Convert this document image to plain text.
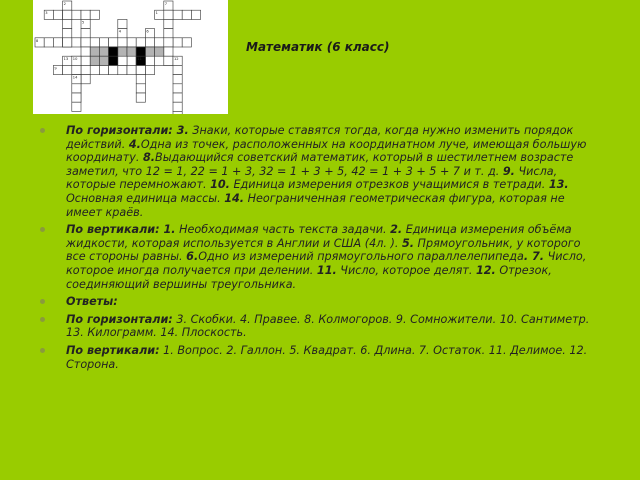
3	1
2
4
5
6
7
8
9
10	11	12
13
14
Математик (6 класс)
По горизонтали: 3. Знаки, которые ставятся тогда, когда нужно изменить порядок действий. 4.Одна из точек, расположенных на координатном луче, имеющая большую координату. 8.Выдающийся советский математик, который в шестилетнем возрасте заметил, что 12 = 1, 22 = 1 + 3, 32 = 1 + 3 + 5, 42 = 1 + 3 + 5 + 7 и т. д. 9. Числа, которые перемножают. 10. Единица измерения отрезков учащимися в тетради. 13. Основная единица массы. 14. Неограниченная геометрическая фигура, которая не имеет краёв.
По вертикали: 1. Необходимая часть текста задачи. 2. Единица измерения объёма жидкости, которая используется в Англии и США (4л. ). 5. Прямоугольник, у которого все стороны равны. 6.Одно из измерений прямоугольного параллелепипеда. 7. Число, которое иногда получается при делении. 11. Число, которое делят. 12. Отрезок, соединяющий вершины треугольника.
Ответы:
По горизонтали: 3. Скобки. 4. Правее. 8. Колмогоров. 9. Сомножители. 10. Сантиметр. 13. Килограмм. 14. Плоскость.
По вертикали: 1. Вопрос. 2. Галлон. 5. Квадрат. 6. Длина. 7. Остаток. 11. Делимое. 12. Сторона.
